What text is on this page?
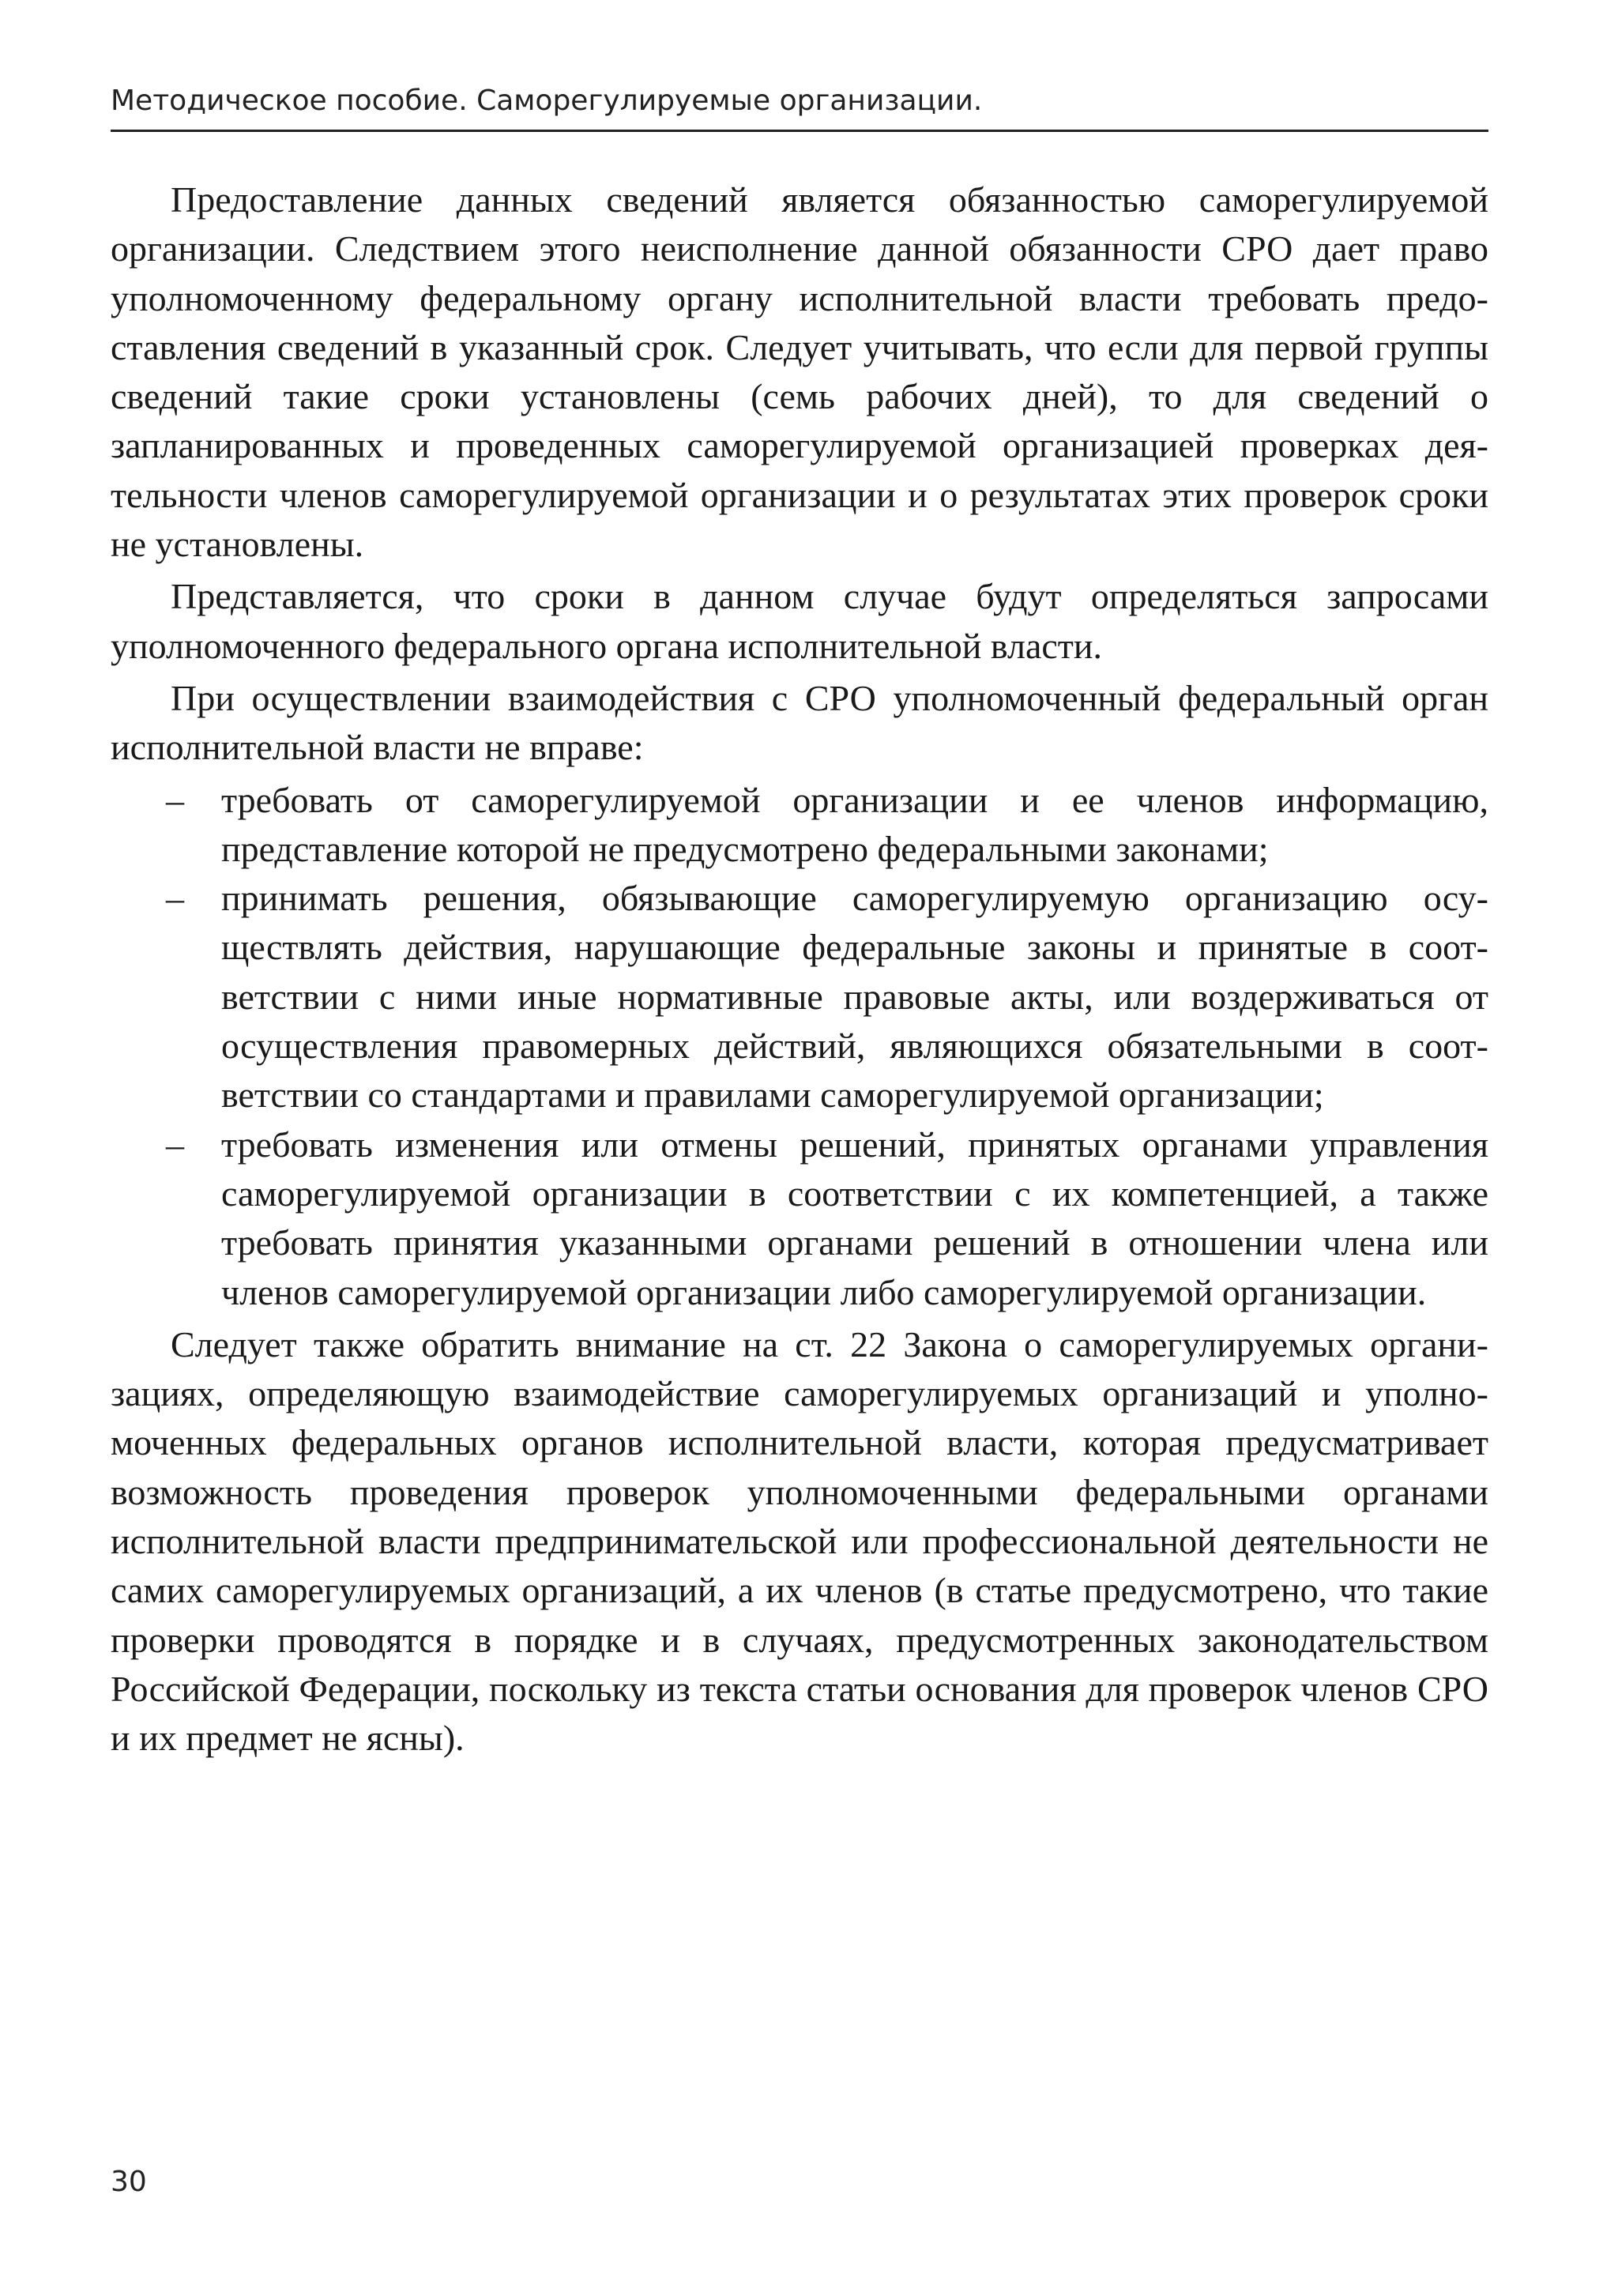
Методическое пособие. Саморегулируемые организации.

Предоставление данных сведений является обязанностью саморегулируемой организации. Следствием этого неисполнение данной обязанности СРО дает право уполномоченному федеральному органу исполнительной власти требовать предоставления сведений в указанный срок. Следует учитывать, что если для первой группы сведений такие сроки установлены (семь рабочих дней), то для сведений о запланированных и проведенных саморегулируемой организацией проверках деятельности членов саморегулируемой организации и о результатах этих проверок сроки не установлены.

Представляется, что сроки в данном случае будут определяться запросами уполномоченного федерального органа исполнительной власти.

При осуществлении взаимодействия с СРО уполномоченный федеральный орган исполнительной власти не вправе:

– требовать от саморегулируемой организации и ее членов информацию, представление которой не предусмотрено федеральными законами;
– принимать решения, обязывающие саморегулируемую организацию осуществлять действия, нарушающие федеральные законы и принятые в соответствии с ними иные нормативные правовые акты, или воздерживаться от осуществления правомерных действий, являющихся обязательными в соответствии со стандартами и правилами саморегулируемой организации;
– требовать изменения или отмены решений, принятых органами управления саморегулируемой организации в соответствии с их компетенцией, а также требовать принятия указанными органами решений в отношении члена или членов саморегулируемой организации либо саморегулируемой организации.

Следует также обратить внимание на ст. 22 Закона о саморегулируемых организациях, определяющую взаимодействие саморегулируемых организаций и уполномоченных федеральных органов исполнительной власти, которая предусматривает возможность проведения проверок уполномоченными федеральными органами исполнительной власти предпринимательской или профессиональной деятельности не самих саморегулируемых организаций, а их членов (в статье предусмотрено, что такие проверки проводятся в порядке и в случаях, предусмотренных законодательством Российской Федерации, поскольку из текста статьи основания для проверок членов СРО и их предмет не ясны).

30
